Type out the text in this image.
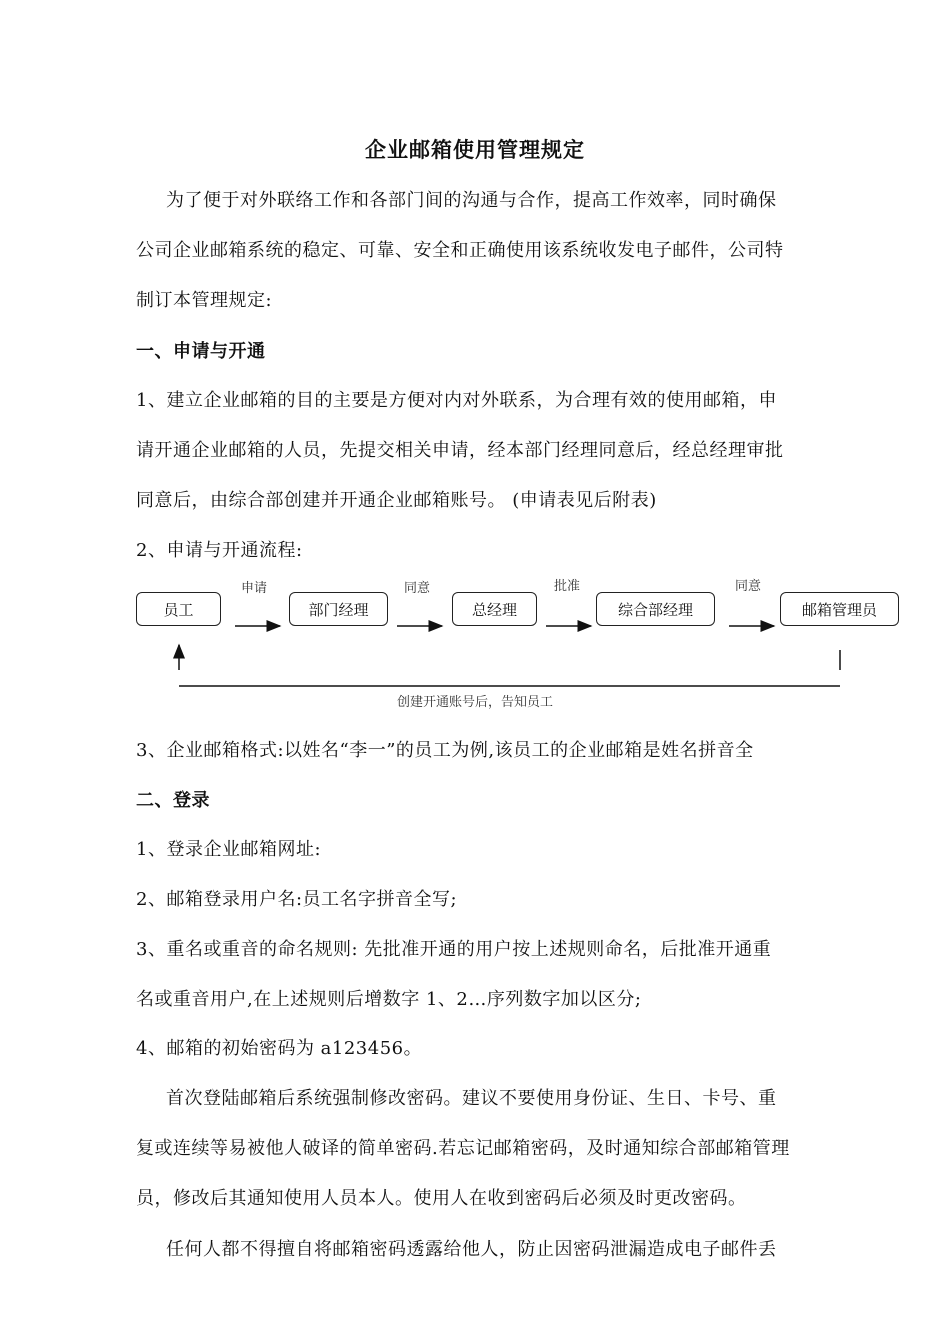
企业邮箱使用管理规定
为了便于对外联络工作和各部门间的沟通与合作，提高工作效率，同时确保
公司企业邮箱系统的稳定、可靠、安全和正确使用该系统收发电子邮件，公司特
制订本管理规定:
一、申请与开通
1、建立企业邮箱的目的主要是方便对内对外联系，为合理有效的使用邮箱，申
请开通企业邮箱的人员，先提交相关申请，经本部门经理同意后，经总经理审批
同意后，由综合部创建并开通企业邮箱账号。 (申请表见后附表)
2、申请与开通流程:
员工	部门经理	总经理	综合部经理	邮箱管理员
申请	同意	批准	同意
创建开通账号后，告知员工
3、企业邮箱格式:以姓名“李一”的员工为例,该员工的企业邮箱是姓名拼音全
二、登录
1、登录企业邮箱网址:
2、邮箱登录用户名:员工名字拼音全写;
3、重名或重音的命名规则: 先批准开通的用户按上述规则命名，后批准开通重
名或重音用户,在上述规则后增数字 1、2…序列数字加以区分;
4、邮箱的初始密码为 a123456。
首次登陆邮箱后系统强制修改密码。建议不要使用身份证、生日、卡号、重
复或连续等易被他人破译的简单密码.若忘记邮箱密码，及时通知综合部邮箱管理
员，修改后其通知使用人员本人。使用人在收到密码后必须及时更改密码。
任何人都不得擅自将邮箱密码透露给他人，防止因密码泄漏造成电子邮件丢
